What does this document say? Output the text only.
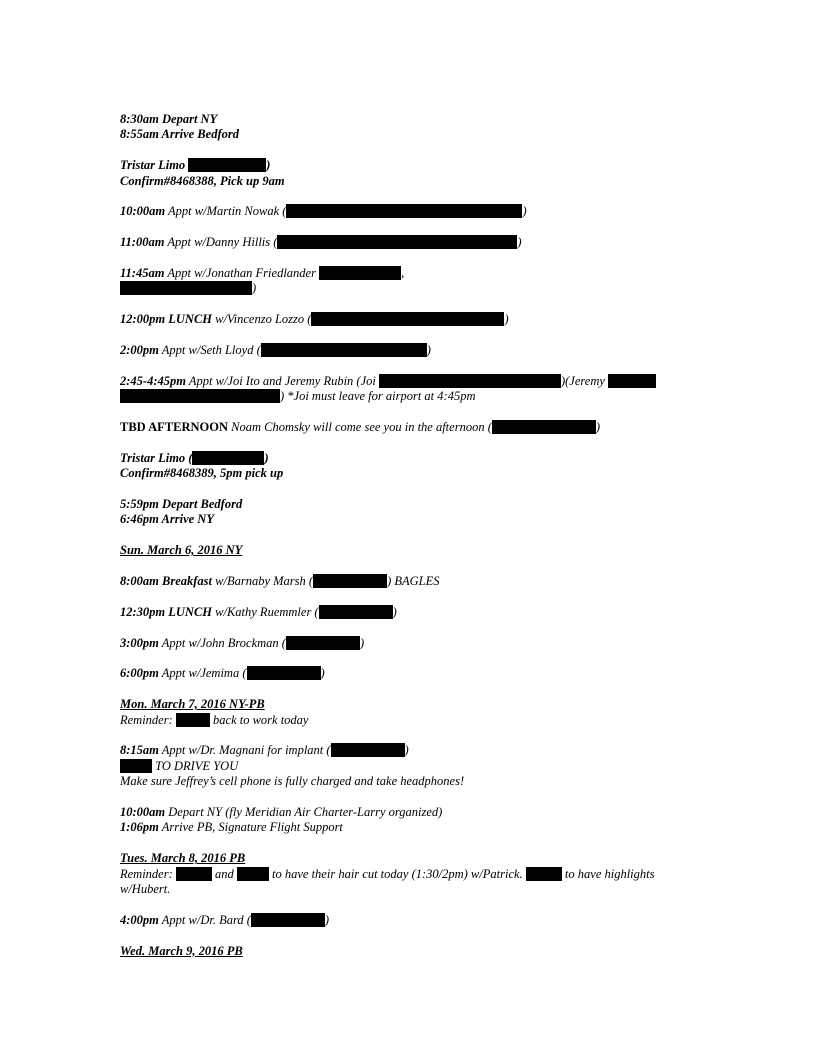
8:30am Depart NY
8:55am Arrive Bedford
Tristar Limo	)
Confirm#8468388, Pick up 9am
10:00am Appt w/Martin Nowak (	)
11:00am Appt w/Danny Hillis (	)
11:45am Appt w/Jonathan Friedlander	,
)
12:00pm LUNCH w/Vincenzo Lozzo (	)
2:00pm Appt w/Seth Lloyd (	)
2:45-4:45pm Appt w/Joi Ito and Jeremy Rubin (Joi	)(Jeremy
) *Joi must leave for airport at 4:45pm
TBD AFTERNOON Noam Chomsky will come see you in the afternoon (	)
Tristar Limo (	)
Confirm#8468389, 5pm pick up
5:59pm Depart Bedford
6:46pm Arrive NY
Sun. March 6, 2016 NY
8:00am Breakfast w/Barnaby Marsh (	) BAGLES
12:30pm LUNCH w/Kathy Ruemmler (	)
3:00pm Appt w/John Brockman (	)
6:00pm Appt w/Jemima (	)
Mon. March 7, 2016 NY-PB
Reminder:	back to work today
8:15am Appt w/Dr. Magnani for implant (	)
TO DRIVE YOU
Make sure Jeffrey’s cell phone is fully charged and take headphones!
10:00am Depart NY (fly Meridian Air Charter-Larry organized)
1:06pm Arrive PB, Signature Flight Support
Tues. March 8, 2016 PB
Reminder:	and	to have their hair cut today (1:30/2pm) w/Patrick.	to have highlights
w/Hubert.
4:00pm Appt w/Dr. Bard (	)
Wed. March 9, 2016 PB
